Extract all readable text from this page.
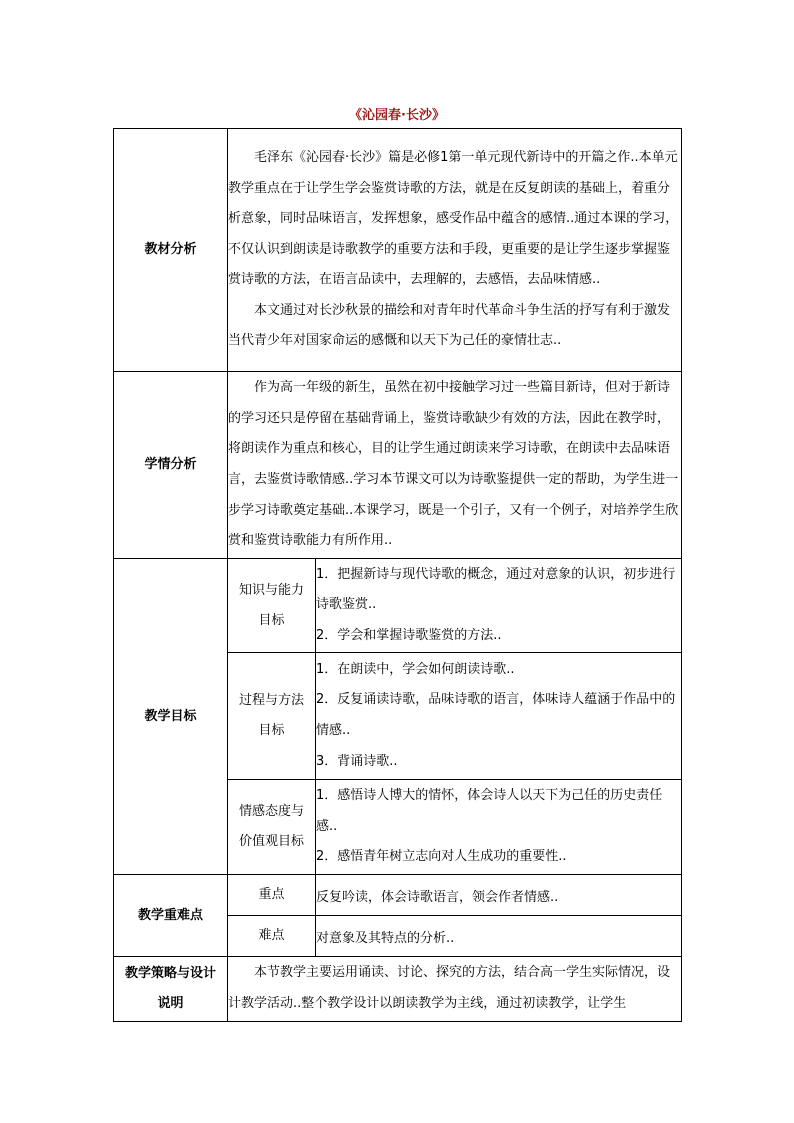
《沁园春·长沙》
教材分析	毛泽东《沁园春·长沙》篇是必修1第一单元现代新诗中的开篇之作..本单元教学重点在于让学生学会鉴赏诗歌的方法，就是在反复朗读的基础上，着重分析意象，同时品味语言，发挥想象，感受作品中蕴含的感情..通过本课的学习，不仅认识到朗读是诗歌教学的重要方法和手段，更重要的是让学生逐步掌握鉴赏诗歌的方法，在语言品读中，去理解的，去感悟，去品味情感..
本文通过对长沙秋景的描绘和对青年时代革命斗争生活的抒写有利于激发当代青少年对国家命运的感慨和以天下为己任的豪情壮志..	

学情分析	作为高一年级的新生，虽然在初中接触学习过一些篇目新诗，但对于新诗的学习还只是停留在基础背诵上，鉴赏诗歌缺少有效的方法，因此在教学时，将朗读作为重点和核心，目的让学生通过朗读来学习诗歌，在朗读中去品味语言，去鉴赏诗歌情感..学习本节课文可以为诗歌鉴提供一定的帮助，为学生进一步学习诗歌奠定基础..本课学习，既是一个引子，又有一个例子，对培养学生欣赏和鉴赏诗歌能力有所作用..	

教学目标	知识与能力目标	1．把握新诗与现代诗歌的概念，通过对意象的认识，初步进行诗歌鉴赏..
2．学会和掌握诗歌鉴赏的方法..

	过程与方法目标	1．在朗读中，学会如何朗读诗歌..
2．反复诵读诗歌，品味诗歌的语言，体味诗人蕴涵于作品中的情感..
3．背诵诗歌..

	情感态度与价值观目标	1．感悟诗人博大的情怀，体会诗人以天下为己任的历史责任感..
2．感悟青年树立志向对人生成功的重要性..

教学重难点	重点	反复吟读，体会诗歌语言，领会作者情感..
	难点	对意象及其特点的分析..

教学策略与设计说明	本节教学主要运用诵读、讨论、探究的方法，结合高一学生实际情况，设计教学活动..整个教学设计以朗读教学为主线，通过初读教学，让学生	
